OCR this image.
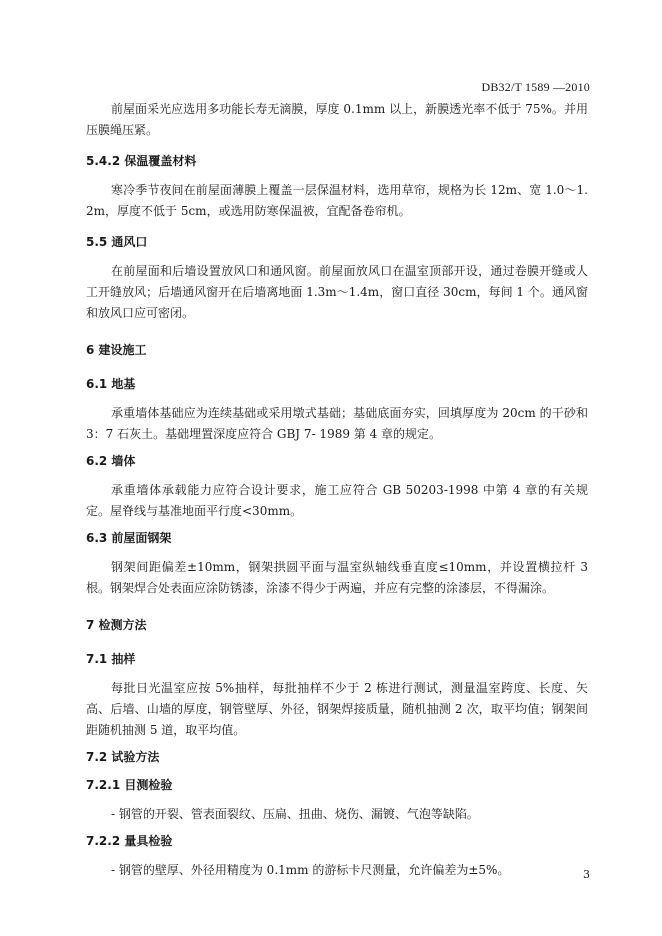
DB32/T 1589 —2010

前屋面采光应选用多功能长寿无滴膜，厚度 0.1mm 以上，新膜透光率不低于 75%。并用压膜绳压紧。

5.4.2 保温覆盖材料

寒冷季节夜间在前屋面薄膜上覆盖一层保温材料，选用草帘，规格为长 12m、宽 1.0～1.2m，厚度不低于 5cm，或选用防寒保温被，宜配备卷帘机。

5.5 通风口

在前屋面和后墙设置放风口和通风窗。前屋面放风口在温室顶部开设，通过卷膜开缝或人工开缝放风；后墙通风窗开在后墙离地面 1.3m～1.4m，窗口直径 30cm，每间 1 个。通风窗和放风口应可密闭。

6 建设施工
6.1 地基

承重墙体基础应为连续基础或采用墩式基础；基础底面夯实，回填厚度为 20cm 的干砂和 3：7 石灰土。基础埋置深度应符合 GBJ 7- 1989 第 4 章的规定。

6.2 墙体

承重墙体承载能力应符合设计要求，施工应符合 GB 50203-1998 中第 4 章的有关规定。屋脊线与基准地面平行度<30mm。

6.3 前屋面钢架

钢架间距偏差±10mm，钢架拱圆平面与温室纵轴线垂直度≤10mm，并设置横拉杆 3 根。钢架焊合处表面应涂防锈漆，涂漆不得少于两遍，并应有完整的涂漆层，不得漏涂。

7 检测方法
7.1 抽样

每批日光温室应按 5%抽样，每批抽样不少于 2 栋进行测试，测量温室跨度、长度、矢高、后墙、山墙的厚度，钢管壁厚、外径，钢架焊接质量，随机抽测 2 次，取平均值；钢架间距随机抽测 5 道，取平均值。

7.2 试验方法
7.2.1 目测检验

- 钢管的开裂、管表面裂纹、压扁、扭曲、烧伤、漏镀、气泡等缺陷。

7.2.2 量具检验

- 钢管的壁厚、外径用精度为 0.1mm 的游标卡尺测量，允许偏差为±5%。	3
